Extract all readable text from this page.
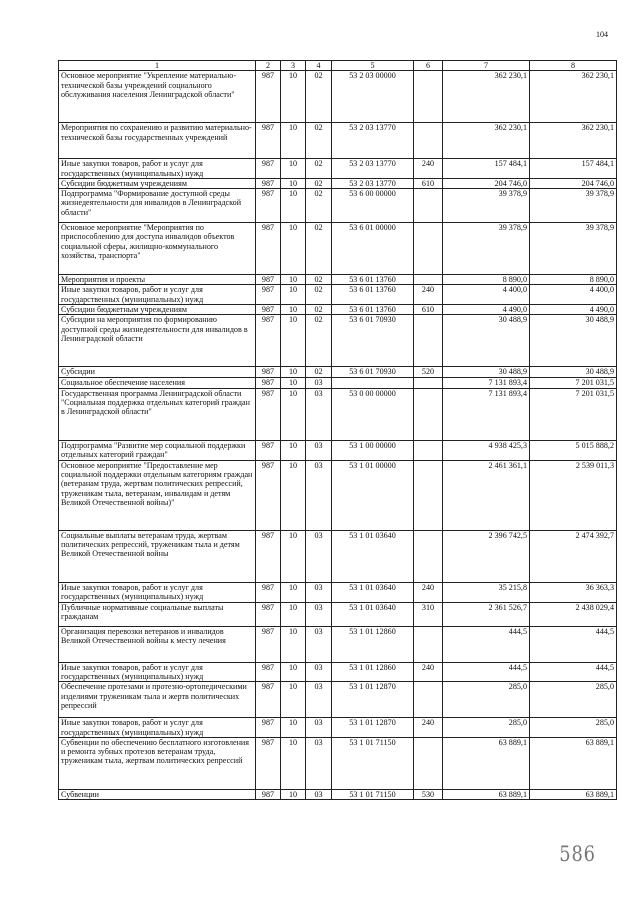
104
1	2	3	4	5	6	7	8
Основное мероприятие "Укрепление материально- технической базы учреждений социального обслуживания населения Ленинградской области"	987	10	02	53 2 03 00000		362 230,1	362 230,1
Мероприятия по сохранению и развитию материально-технической базы государственных учреждений	987	10	02	53 2 03 13770		362 230,1	362 230,1
Иные закупки товаров, работ и услуг для государственных (муниципальных) нужд	987	10	02	53 2 03 13770	240	157 484,1	157 484,1
Субсидии бюджетным учреждениям	987	10	02	53 2 03 13770	610	204 746,0	204 746,0
Подпрограмма "Формирование доступной среды жизнедеятельности для инвалидов в Ленинградской области"	987	10	02	53 6 00 00000		39 378,9	39 378,9
Основное мероприятие "Мероприятия по приспособлению для доступа инвалидов объектов социальной сферы, жилищно-коммунального хозяйства, транспорта"	987	10	02	53 6 01 00000		39 378,9	39 378,9
Мероприятия и проекты	987	10	02	53 6 01 13760		8 890,0	8 890,0
Иные закупки товаров, работ и услуг для государственных (муниципальных) нужд	987	10	02	53 6 01 13760	240	4 400,0	4 400,0
Субсидии бюджетным учреждениям	987	10	02	53 6 01 13760	610	4 490,0	4 490,0
Субсидии на мероприятия по формированию доступной среды жизнедеятельности для инвалидов в Ленинградской области	987	10	02	53 6 01 70930		30 488,9	30 488,9
Субсидии	987	10	02	53 6 01 70930	520	30 488,9	30 488,9
Социальное обеспечение населения	987	10	03			7 131 893,4	7 201 031,5
Государственная программа Ленинградской области "Социальная поддержка отдельных категорий граждан в Ленинградской области"	987	10	03	53 0 00 00000		7 131 893,4	7 201 031,5
Подпрограмма "Развитие мер социальной поддержки отдельных категорий граждан"	987	10	03	53 1 00 00000		4 938 425,3	5 015 888,2
Основное мероприятие "Предоставление мер социальной поддержки отдельным категориям граждан (ветеранам труда, жертвам политических репрессий, труженикам тыла, ветеранам, инвалидам и детям Великой Отечественной войны)"	987	10	03	53 1 01 00000		2 461 361,1	2 539 011,3
Социальные выплаты ветеранам труда, жертвам политических репрессий, труженикам тыла и детям Великой Отечественной войны	987	10	03	53 1 01 03640		2 396 742,5	2 474 392,7
Иные закупки товаров, работ и услуг для государственных (муниципальных) нужд	987	10	03	53 1 01 03640	240	35 215,8	36 363,3
Публичные нормативные социальные выплаты гражданам	987	10	03	53 1 01 03640	310	2 361 526,7	2 438 029,4
Организация перевозки ветеранов и инвалидов Великой Отечественной войны к месту лечения	987	10	03	53 1 01 12860		444,5	444,5
Иные закупки товаров, работ и услуг для государственных (муниципальных) нужд	987	10	03	53 1 01 12860	240	444,5	444,5
Обеспечение протезами и протезно-ортопедическими изделиями труженикам тыла и жертв политических репрессий	987	10	03	53 1 01 12870		285,0	285,0
Иные закупки товаров, работ и услуг для государственных (муниципальных) нужд	987	10	03	53 1 01 12870	240	285,0	285,0
Субвенции по обеспечению бесплатного изготовления и ремонта зубных протезов ветеранам труда, труженикам тыла, жертвам политических репрессий	987	10	03	53 1 01 71150		63 889,1	63 889,1
Субвенции	987	10	03	53 1 01 71150	530	63 889,1	63 889,1
586
